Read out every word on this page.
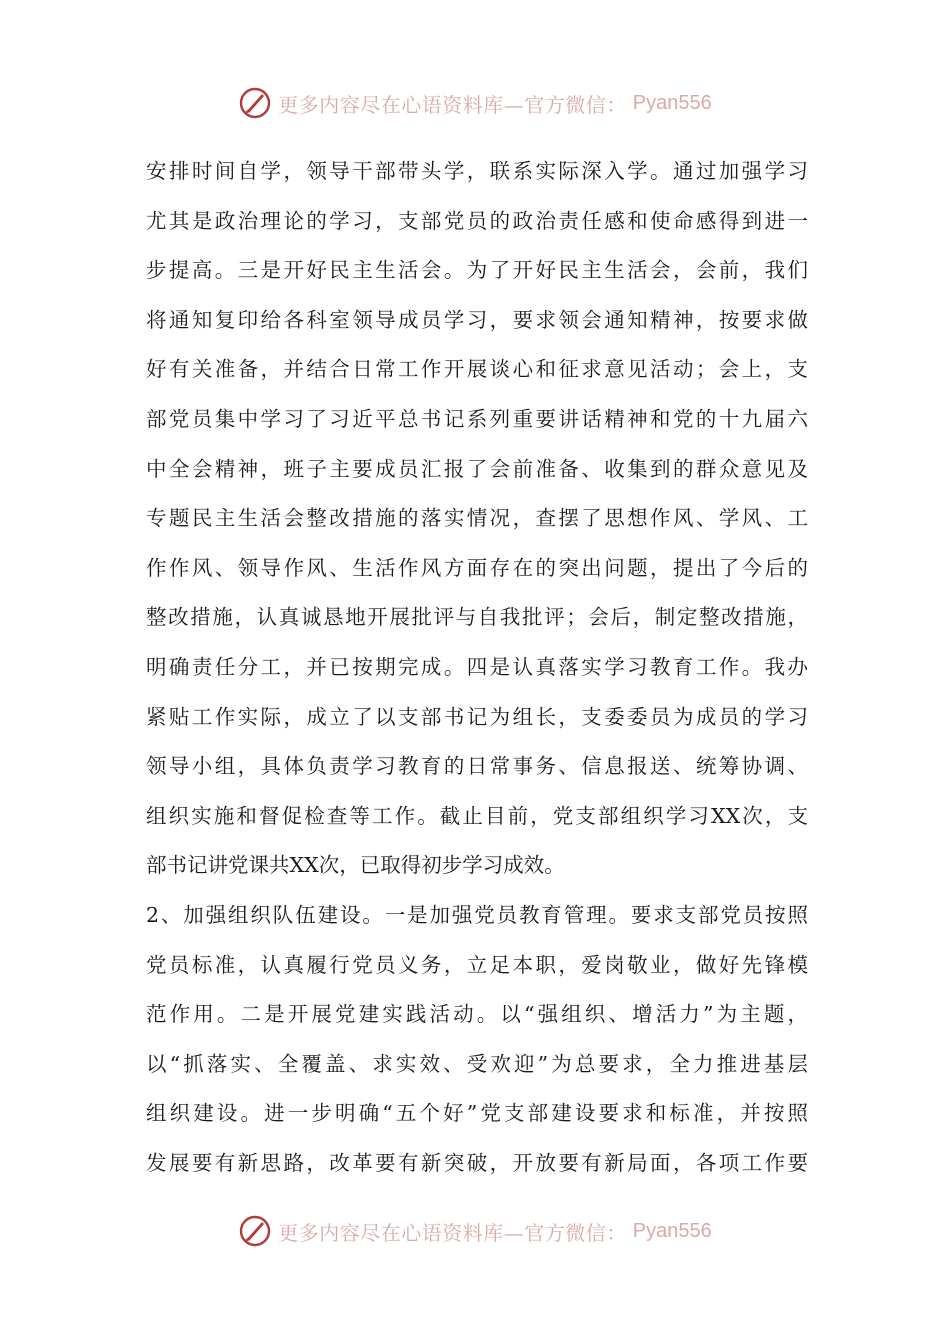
更多内容尽在心语资料库—官方微信： Pyan556
安排时间自学，领导干部带头学，联系实际深入学。通过加强学习
尤其是政治理论的学习，支部党员的政治责任感和使命感得到进一
步提高。三是开好民主生活会。为了开好民主生活会，会前，我们
将通知复印给各科室领导成员学习，要求领会通知精神，按要求做
好有关准备，并结合日常工作开展谈心和征求意见活动；会上，支
部党员集中学习了习近平总书记系列重要讲话精神和党的十九届六
中全会精神，班子主要成员汇报了会前准备、收集到的群众意见及
专题民主生活会整改措施的落实情况，查摆了思想作风、学风、工
作作风、领导作风、生活作风方面存在的突出问题，提出了今后的
整改措施，认真诚恳地开展批评与自我批评；会后，制定整改措施，
明确责任分工，并已按期完成。四是认真落实学习教育工作。我办
紧贴工作实际，成立了以支部书记为组长，支委委员为成员的学习
领导小组，具体负责学习教育的日常事务、信息报送、统筹协调、
组织实施和督促检查等工作。截止目前，党支部组织学习XX次，支
部书记讲党课共XX次，已取得初步学习成效。
2、加强组织队伍建设。一是加强党员教育管理。要求支部党员按照
党员标准，认真履行党员义务，立足本职，爱岗敬业，做好先锋模
范作用。二是开展党建实践活动。以“强组织、增活力”为主题，
以“抓落实、全覆盖、求实效、受欢迎”为总要求，全力推进基层
组织建设。进一步明确“五个好”党支部建设要求和标准，并按照
发展要有新思路，改革要有新突破，开放要有新局面，各项工作要
更多内容尽在心语资料库—官方微信： Pyan556
